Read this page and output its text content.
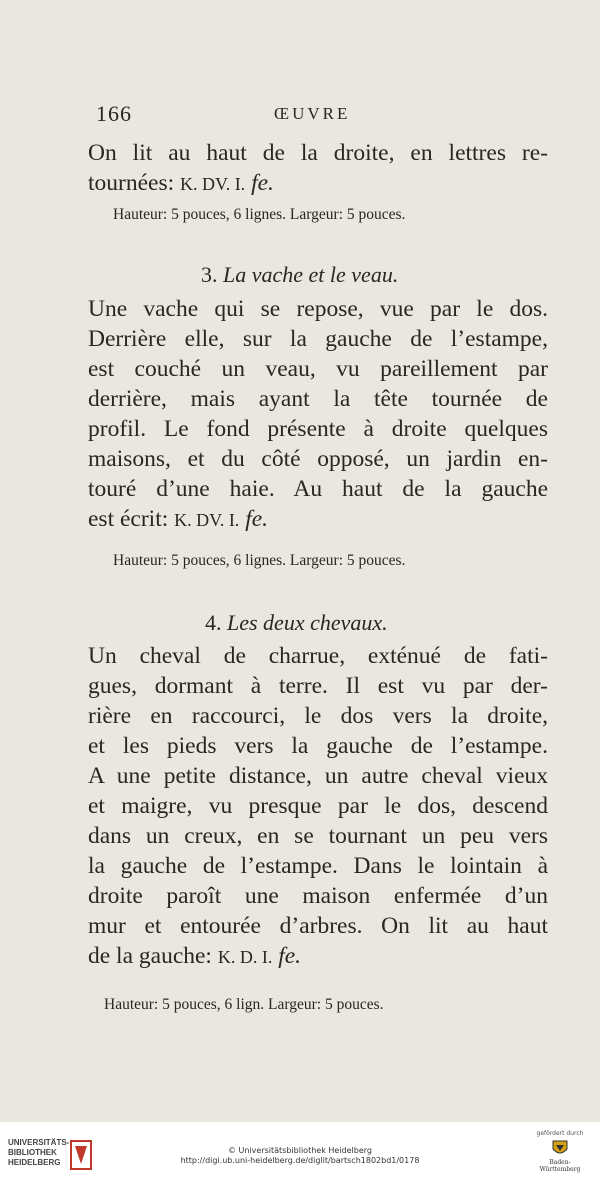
166	ŒUVRE
On lit au haut de la droite, en lettres re-
tournées: K. DV. I. fe.
Hauteur: 5 pouces, 6 lignes. Largeur: 5 pouces.
3. La vache et le veau.
Une vache qui se repose, vue par le dos.
Derrière elle, sur la gauche de l’estampe,
est couché un veau, vu pareillement par
derrière, mais ayant la tête tournée de
profil. Le fond présente à droite quelques
maisons, et du côté opposé, un jardin en-
touré d’une haie. Au haut de la gauche
est écrit: K. DV. I. fe.
Hauteur: 5 pouces, 6 lignes. Largeur: 5 pouces.
4. Les deux chevaux.
Un cheval de charrue, exténué de fati-
gues, dormant à terre. Il est vu par der-
rière en raccourci, le dos vers la droite,
et les pieds vers la gauche de l’estampe.
A une petite distance, un autre cheval vieux
et maigre, vu presque par le dos, descend
dans un creux, en se tournant un peu vers
la gauche de l’estampe. Dans le lointain à
droite paroît une maison enfermée d’un
mur et entourée d’arbres. On lit au haut
de la gauche: K. D. I. fe.
Hauteur: 5 pouces, 6 lign. Largeur: 5 pouces.
UNIVERSITÄTS-
BIBLIOTHEK
HEIDELBERG
© Universitätsbibliothek Heidelberg
http://digi.ub.uni-heidelberg.de/diglit/bartsch1802bd1/0178
gefördert durch
Baden-Württemberg
